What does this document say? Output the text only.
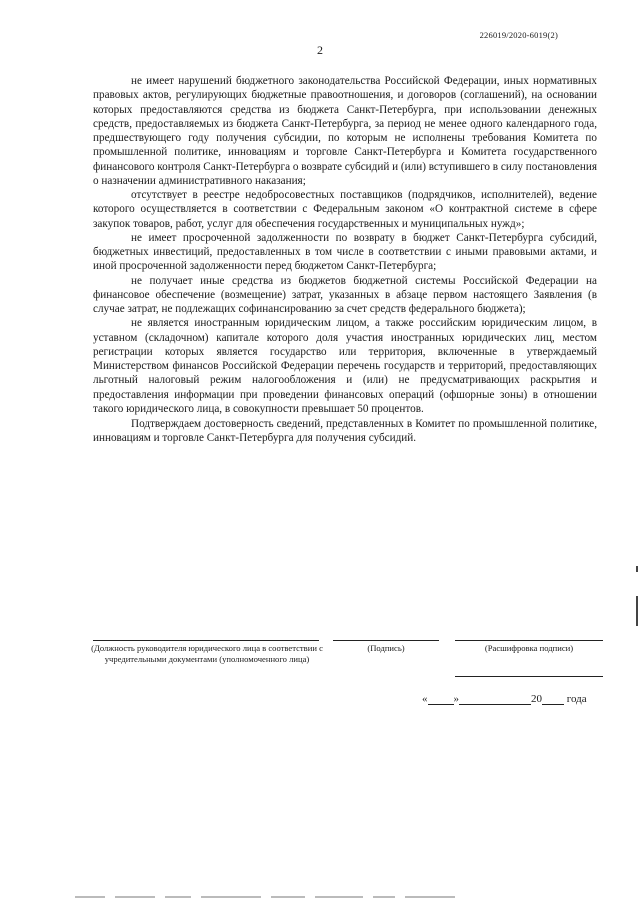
226019/2020-6019(2)
2

не имеет нарушений бюджетного законодательства Российской Федерации, иных нормативных правовых актов, регулирующих бюджетные правоотношения, и договоров (соглашений), на основании которых предоставляются средства из бюджета Санкт-Петербурга, при использовании денежных средств, предоставляемых из бюджета Санкт-Петербурга, за период не менее одного календарного года, предшествующего году получения субсидии, по которым не исполнены требования Комитета по промышленной политике, инновациям и торговле Санкт-Петербурга и Комитета государственного финансового контроля Санкт-Петербурга о возврате субсидий и (или) вступившего в силу постановления о назначении административного наказания;

отсутствует в реестре недобросовестных поставщиков (подрядчиков, исполнителей), ведение которого осуществляется в соответствии с Федеральным законом «О контрактной системе в сфере закупок товаров, работ, услуг для обеспечения государственных и муниципальных нужд»;

не имеет просроченной задолженности по возврату в бюджет Санкт-Петербурга субсидий, бюджетных инвестиций, предоставленных в том числе в соответствии с иными правовыми актами, и иной просроченной задолженности перед бюджетом Санкт-Петербурга;

не получает иные средства из бюджетов бюджетной системы Российской Федерации на финансовое обеспечение (возмещение) затрат, указанных в абзаце первом настоящего Заявления (в случае затрат, не подлежащих софинансированию за счет средств федерального бюджета);

не является иностранным юридическим лицом, а также российским юридическим лицом, в уставном (складочном) капитале которого доля участия иностранных юридических лиц, местом регистрации которых является государство или территория, включенные в утверждаемый Министерством финансов Российской Федерации перечень государств и территорий, предоставляющих льготный налоговый режим налогообложения и (или) не предусматривающих раскрытия и предоставления информации при проведении финансовых операций (офшорные зоны) в отношении такого юридического лица, в совокупности превышает 50 процентов.

Подтверждаем достоверность сведений, представленных в Комитет по промышленной политике, инновациям и торговле Санкт-Петербурга для получения субсидий.

(Должность руководителя юридического лица в соответствии с учредительными документами (уполномоченного лица)
(Подпись)	(Расшифровка подписи)
« »	20 года
